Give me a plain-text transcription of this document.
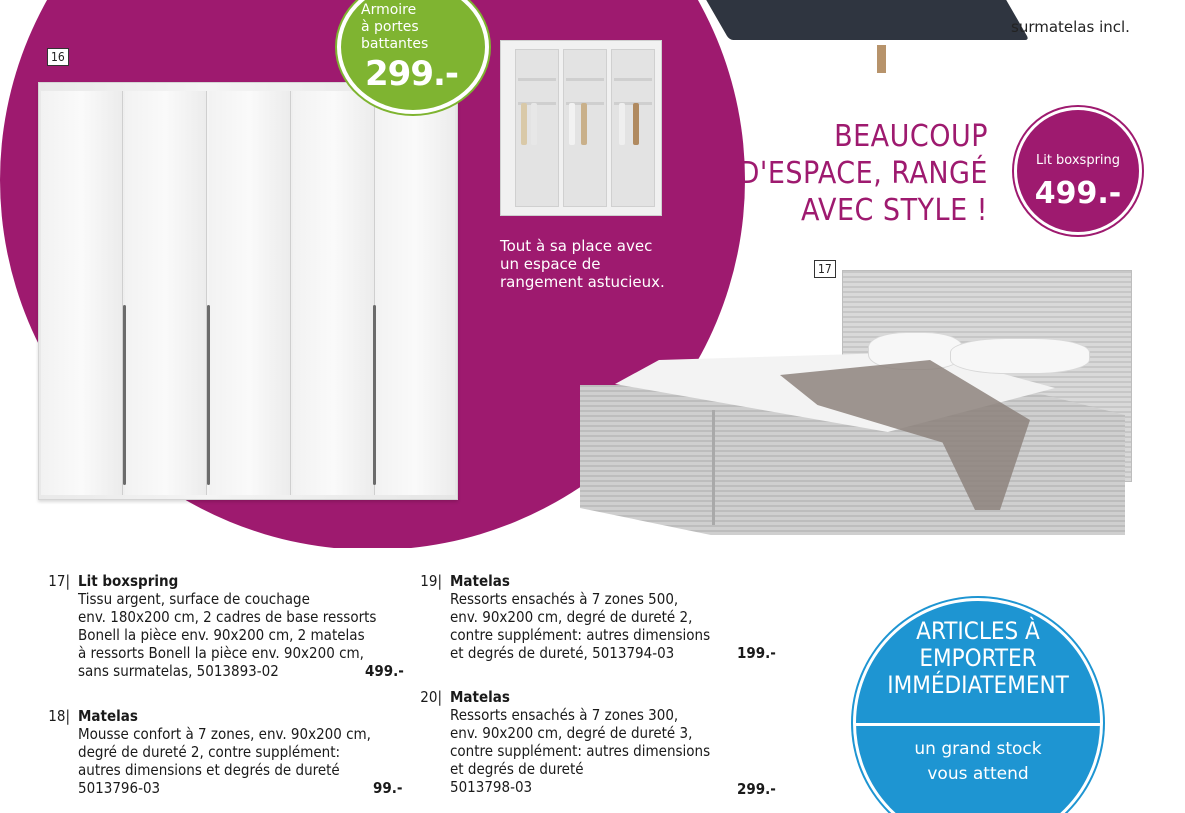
surmatelas incl.
16
Armoire
à portes
battantes
299.-
Tout à sa place avec
un espace de
rangement astucieux.
BEAUCOUP
D'ESPACE, RANGÉ
AVEC STYLE !
Lit boxspring
499.-
17
17| Lit boxspring
Tissu argent, surface de couchage
env. 180x200 cm, 2 cadres de base ressorts
Bonell la pièce env. 90x200 cm, 2 matelas
à ressorts Bonell la pièce env. 90x200 cm,
sans surmatelas, 5013893-02	499.-
18| Matelas
Mousse confort à 7 zones, env. 90x200 cm,
degré de dureté 2, contre supplément:
autres dimensions et degrés de dureté
5013796-03	99.-
19| Matelas
Ressorts ensachés à 7 zones 500,
env. 90x200 cm, degré de dureté 2,
contre supplément: autres dimensions
et degrés de dureté, 5013794-03	199.-
20| Matelas
Ressorts ensachés à 7 zones 300,
env. 90x200 cm, degré de dureté 3,
contre supplément: autres dimensions
et degrés de dureté
5013798-03	299.-
ARTICLES À
EMPORTER
IMMÉDIATEMENT
un grand stock
vous attend
